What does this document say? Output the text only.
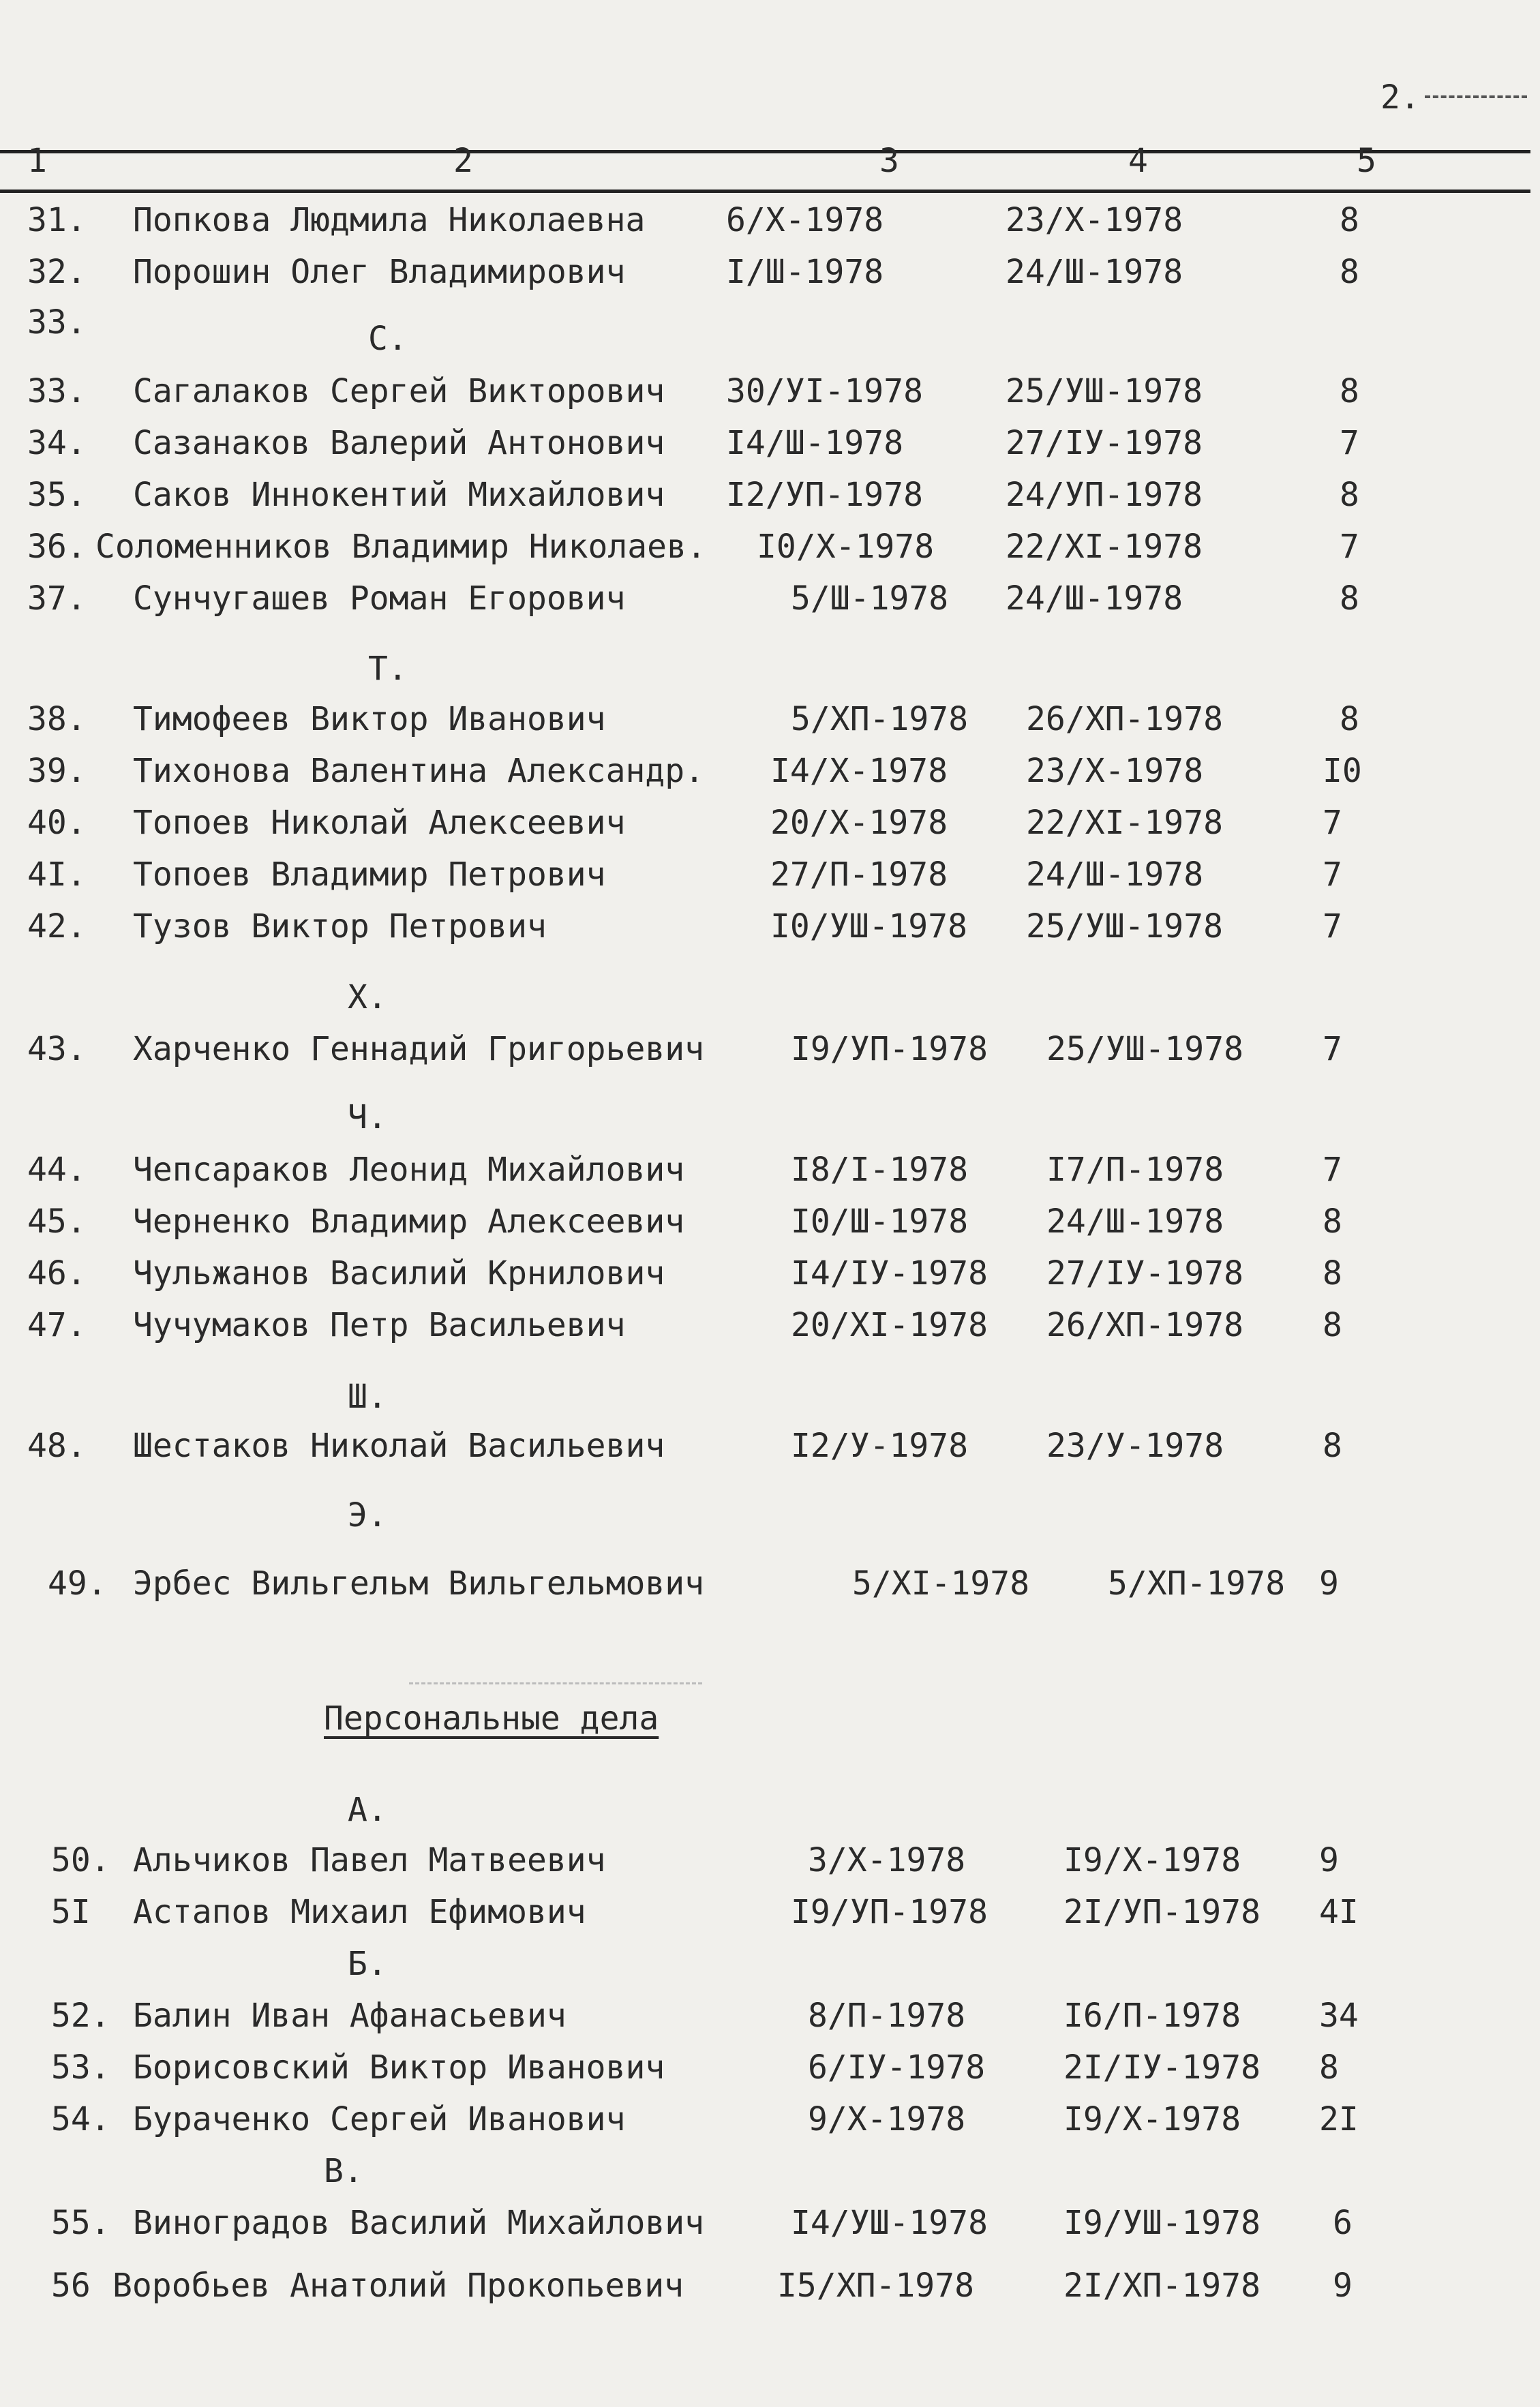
2.
1	2	3	4	5
31. Попкова Людмила Николаевна 6/Х-1978	23/Х-1978	8
32. Порошин Олег Владимирович	I/Ш-1978	24/Ш-1978	8
33.	С.
33. Сагалаков Сергей Викторович 30/УI-1978	25/УШ-1978	8
34. Сазанаков Валерий Антонович I4/Ш-1978	27/IУ-1978	7
35. Саков Иннокентий Михайлович I2/УП-1978	24/УП-1978	8
36. Соломенников Владимир Николаев. I0/Х-1978 22/ХI-1978	7
37. Сунчугашев Роман Егорович	5/Ш-1978 24/Ш-1978	8
Т.
38. Тимофеев Виктор Иванович	5/ХП-1978 26/ХП-1978	8
39. Тихонова Валентина Александр. I4/Х-1978 23/Х-1978	I0
40. Топоев Николай Алексеевич	20/Х-1978 22/ХI-1978	7
4I. Топоев Владимир Петрович	27/П-1978 24/Ш-1978	7
42. Тузов Виктор Петрович	I0/УШ-1978 25/УШ-1978	7
Х.
43. Харченко Геннадий Григорьевич	I9/УП-1978 25/УШ-1978 7
Ч.
44. Чепсараков Леонид Михайлович	I8/I-1978 I7/П-1978	7
45. Черненко Владимир Алексеевич	I0/Ш-1978 24/Ш-1978	8
46. Чульжанов Василий Крнилович	I4/IУ-1978 27/IУ-1978 8
47. Чучумаков Петр Васильевич	20/ХI-1978 26/ХП-1978 8
Ш.
48. Шестаков Николай Васильевич	I2/У-1978 23/У-1978	8
Э.
49. Эрбес Вильгельм Вильгельмович	5/ХI-1978 5/ХП-1978 9
Персональные дела
А.
50. Альчиков Павел Матвеевич	3/Х-1978	I9/Х-1978 9
5I Астапов Михаил Ефимович	I9/УП-1978 2I/УП-1978 4I
Б.
52. Балин Иван Афанасьевич	8/П-1978	I6/П-1978 34
53. Борисовский Виктор Иванович	6/IУ-1978 2I/IУ-1978 8
54. Бураченко Сергей Иванович	9/Х-1978	I9/Х-1978 2I
В.
55. Виноградов Василий Михайлович	I4/УШ-1978 I9/УШ-1978 6
56 Воробьев Анатолий Прокопьевич	I5/ХП-1978	2I/ХП-1978 9
